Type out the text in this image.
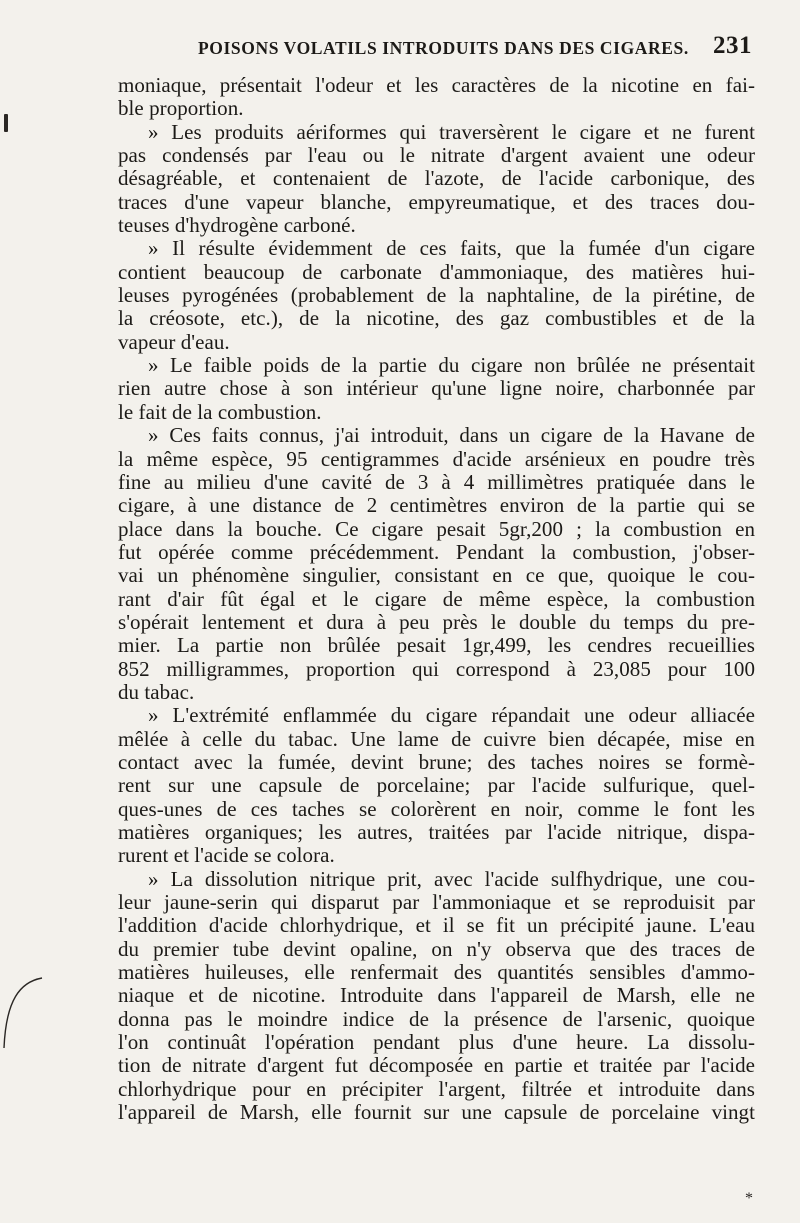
POISONS VOLATILS INTRODUITS DANS DES CIGARES. 231
moniaque, présentait l'odeur et les caractères de la nicotine en fai-
ble proportion.
» Les produits aériformes qui traversèrent le cigare et ne furent
pas condensés par l'eau ou le nitrate d'argent avaient une odeur
désagréable, et contenaient de l'azote, de l'acide carbonique, des
traces d'une vapeur blanche, empyreumatique, et des traces dou-
teuses d'hydrogène carboné.
» Il résulte évidemment de ces faits, que la fumée d'un cigare
contient beaucoup de carbonate d'ammoniaque, des matières hui-
leuses pyrogénées (probablement de la naphtaline, de la pirétine, de
la créosote, etc.), de la nicotine, des gaz combustibles et de la
vapeur d'eau.
» Le faible poids de la partie du cigare non brûlée ne présentait
rien autre chose à son intérieur qu'une ligne noire, charbonnée par
le fait de la combustion.
» Ces faits connus, j'ai introduit, dans un cigare de la Havane de
la même espèce, 95 centigrammes d'acide arsénieux en poudre très
fine au milieu d'une cavité de 3 à 4 millimètres pratiquée dans le
cigare, à une distance de 2 centimètres environ de la partie qui se
place dans la bouche. Ce cigare pesait 5gr,200 ; la combustion en
fut opérée comme précédemment. Pendant la combustion, j'obser-
vai un phénomène singulier, consistant en ce que, quoique le cou-
rant d'air fût égal et le cigare de même espèce, la combustion
s'opérait lentement et dura à peu près le double du temps du pre-
mier. La partie non brûlée pesait 1gr,499, les cendres recueillies
852 milligrammes, proportion qui correspond à 23,085 pour 100
du tabac.
» L'extrémité enflammée du cigare répandait une odeur alliacée
mêlée à celle du tabac. Une lame de cuivre bien décapée, mise en
contact avec la fumée, devint brune; des taches noires se formè-
rent sur une capsule de porcelaine; par l'acide sulfurique, quel-
ques-unes de ces taches se colorèrent en noir, comme le font les
matières organiques; les autres, traitées par l'acide nitrique, dispa-
rurent et l'acide se colora.
» La dissolution nitrique prit, avec l'acide sulfhydrique, une cou-
leur jaune-serin qui disparut par l'ammoniaque et se reproduisit par
l'addition d'acide chlorhydrique, et il se fit un précipité jaune. L'eau
du premier tube devint opaline, on n'y observa que des traces de
matières huileuses, elle renfermait des quantités sensibles d'ammo-
niaque et de nicotine. Introduite dans l'appareil de Marsh, elle ne
donna pas le moindre indice de la présence de l'arsenic, quoique
l'on continuât l'opération pendant plus d'une heure. La dissolu-
tion de nitrate d'argent fut décomposée en partie et traitée par l'acide
chlorhydrique pour en précipiter l'argent, filtrée et introduite dans
l'appareil de Marsh, elle fournit sur une capsule de porcelaine vingt
*
